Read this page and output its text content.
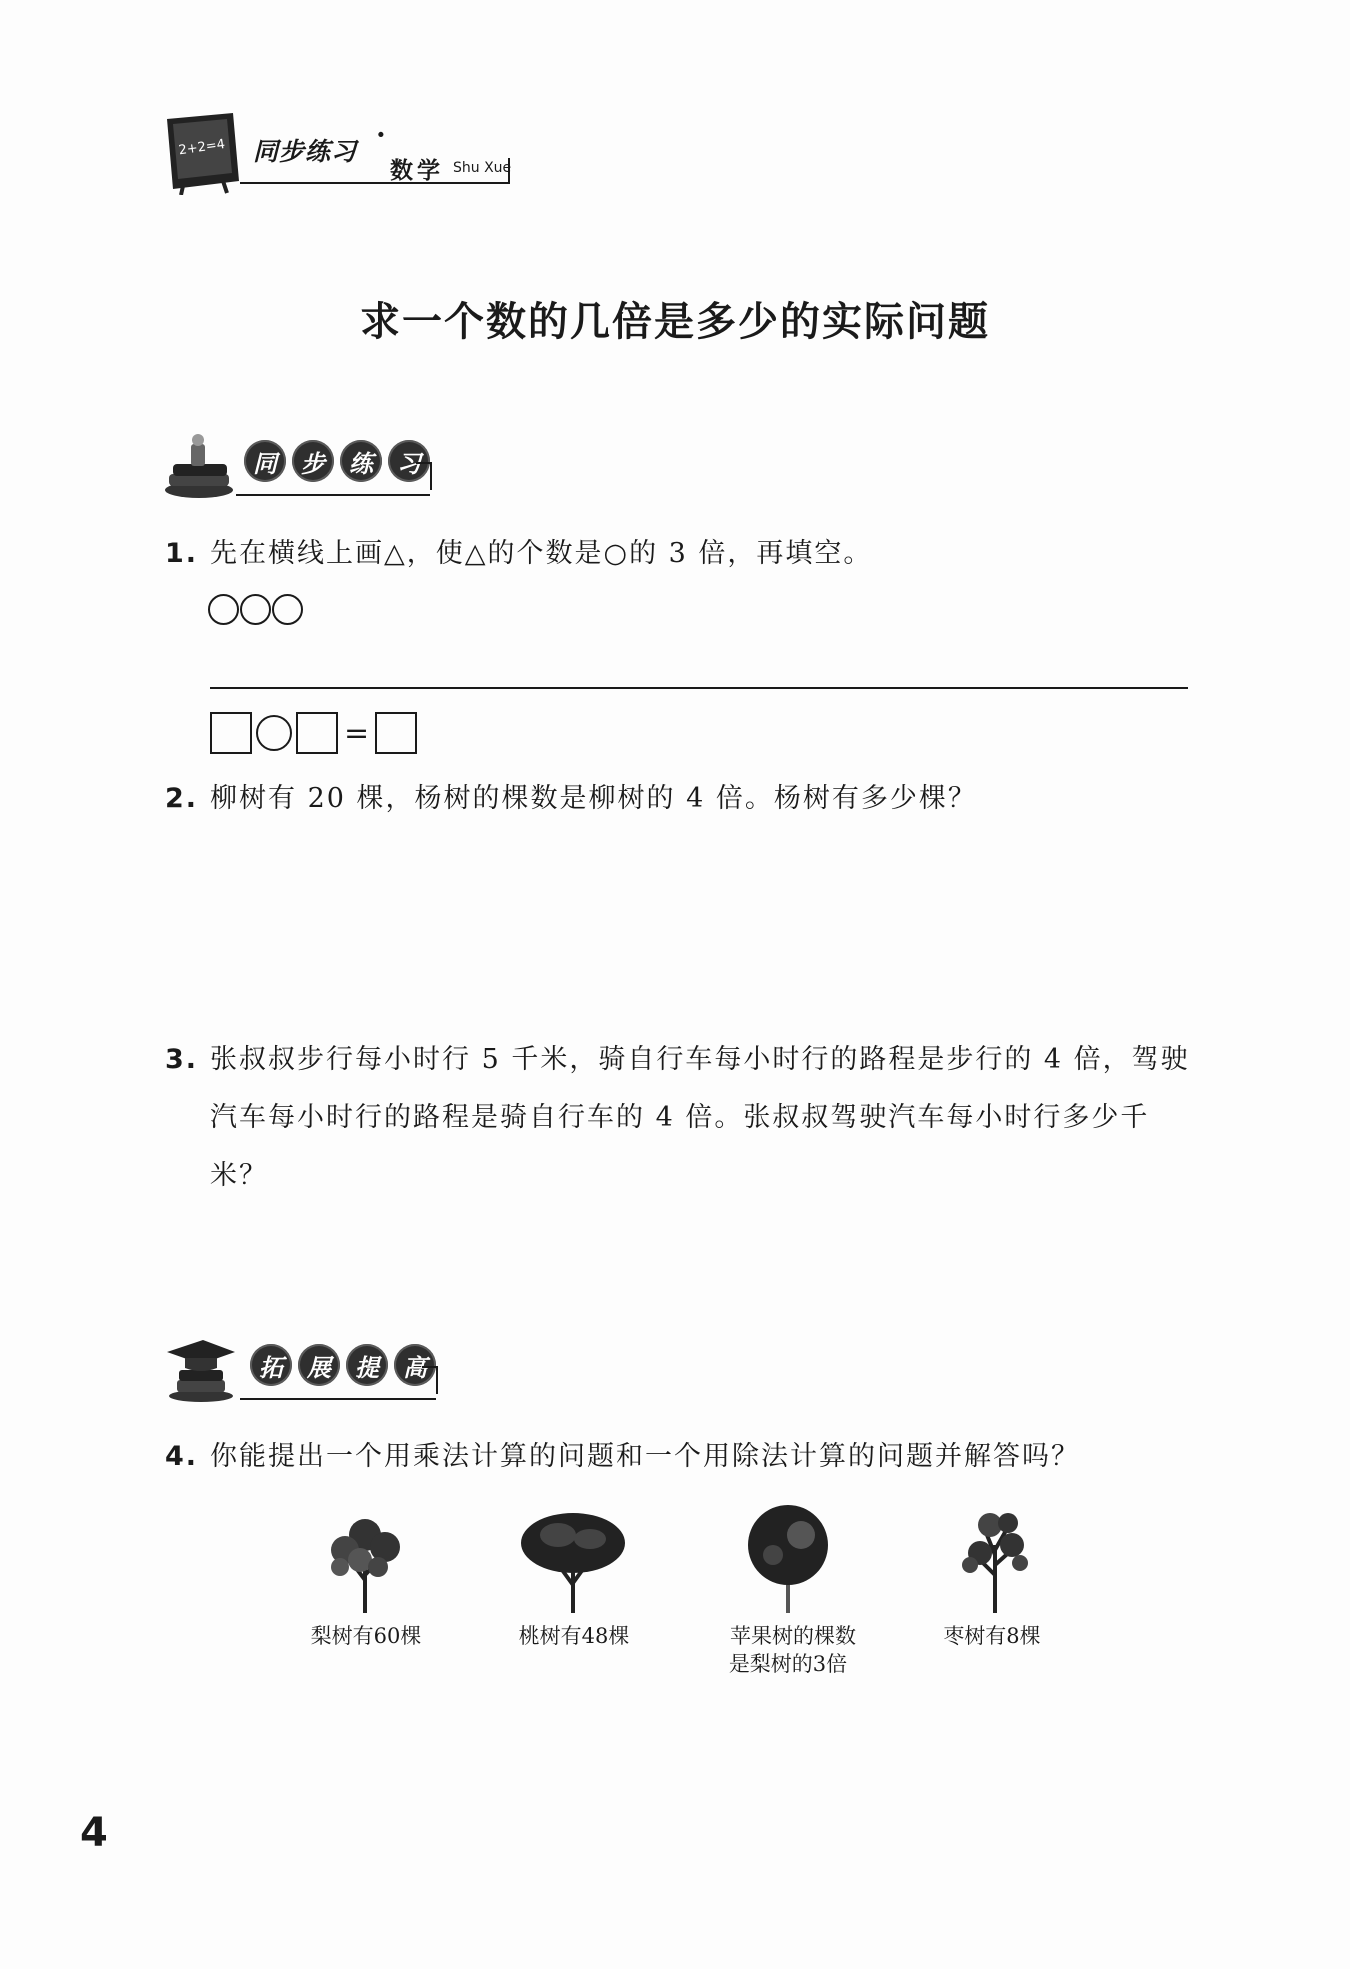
2+2=4 同步练习
·
数学 Shu Xue
求一个数的几倍是多少的实际问题
同	步	练	习
1. 先在横线上画△，使△的个数是○的 3 倍，再填空。
=
2. 柳树有 20 棵，杨树的棵数是柳树的 4 倍。杨树有多少棵？
3. 张叔叔步行每小时行 5 千米，骑自行车每小时行的路程是步行的 4 倍，驾驶汽车每小时行的路程是骑自行车的 4 倍。张叔叔驾驶汽车每小时行多少千米？
拓	展	提	高
4. 你能提出一个用乘法计算的问题和一个用除法计算的问题并解答吗？
梨树有60棵	桃树有48棵	苹果树的棵数
是梨树的3倍
枣树有8棵
4
